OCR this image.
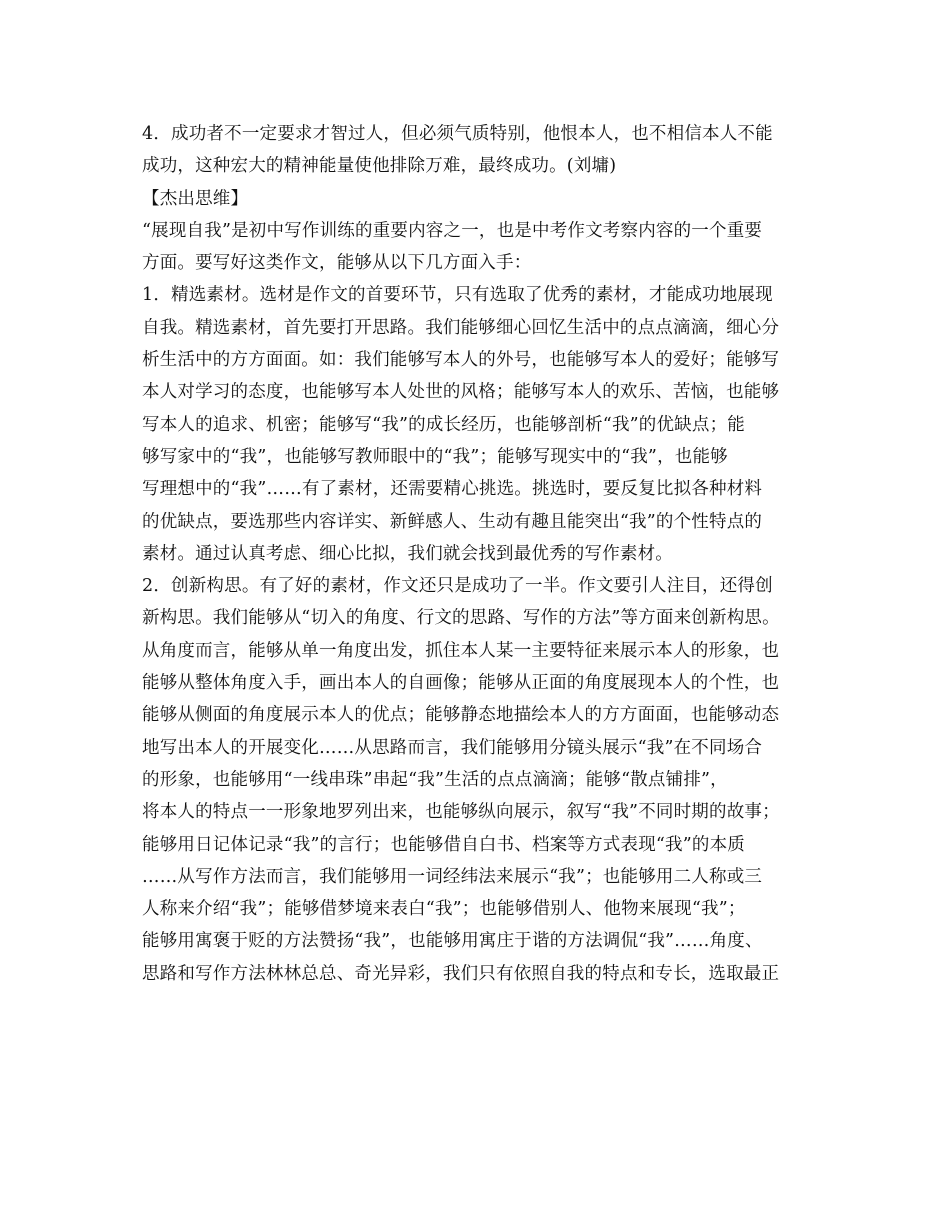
4．成功者不一定要求才智过人，但必须气质特别，他恨本人，也不相信本人不能
成功，这种宏大的精神能量使他排除万难，最终成功。(刘墉)
【杰出思维】
“展现自我”是初中写作训练的重要内容之一，也是中考作文考察内容的一个重要
方面。要写好这类作文，能够从以下几方面入手：
1．精选素材。选材是作文的首要环节，只有选取了优秀的素材，才能成功地展现
自我。精选素材，首先要打开思路。我们能够细心回忆生活中的点点滴滴，细心分
析生活中的方方面面。如：我们能够写本人的外号，也能够写本人的爱好；能够写
本人对学习的态度，也能够写本人处世的风格；能够写本人的欢乐、苦恼，也能够
写本人的追求、机密；能够写“我”的成长经历，也能够剖析“我”的优缺点；能
够写家中的“我”，也能够写教师眼中的“我”；能够写现实中的“我”，也能够
写理想中的“我”……有了素材，还需要精心挑选。挑选时，要反复比拟各种材料
的优缺点，要选那些内容详实、新鲜感人、生动有趣且能突出“我”的个性特点的
素材。通过认真考虑、细心比拟，我们就会找到最优秀的写作素材。
2．创新构思。有了好的素材，作文还只是成功了一半。作文要引人注目，还得创
新构思。我们能够从“切入的角度、行文的思路、写作的方法”等方面来创新构思。
从角度而言，能够从单一角度出发，抓住本人某一主要特征来展示本人的形象，也
能够从整体角度入手，画出本人的自画像；能够从正面的角度展现本人的个性，也
能够从侧面的角度展示本人的优点；能够静态地描绘本人的方方面面，也能够动态
地写出本人的开展变化……从思路而言，我们能够用分镜头展示“我”在不同场合
的形象，也能够用“一线串珠”串起“我”生活的点点滴滴；能够“散点铺排”，
将本人的特点一一形象地罗列出来，也能够纵向展示，叙写“我”不同时期的故事；
能够用日记体记录“我”的言行；也能够借自白书、档案等方式表现“我”的本质
……从写作方法而言，我们能够用一词经纬法来展示“我”；也能够用二人称或三
人称来介绍“我”；能够借梦境来表白“我”；也能够借别人、他物来展现“我”；
能够用寓褒于贬的方法赞扬“我”，也能够用寓庄于谐的方法调侃“我”……角度、
思路和写作方法林林总总、奇光异彩，我们只有依照自我的特点和专长，选取最正
